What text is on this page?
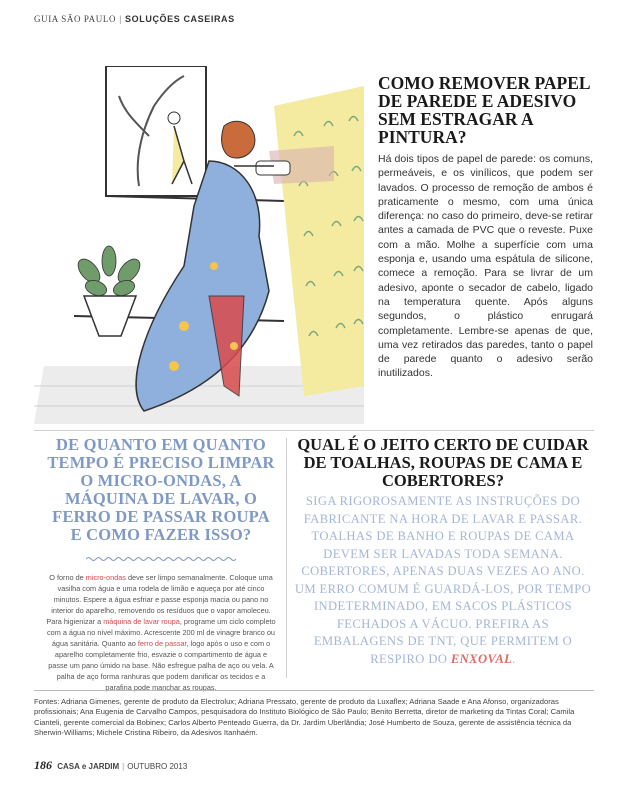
GUIA SÃO PAULO | SOLUÇÕES CASEIRAS
COMO REMOVER PAPEL DE PAREDE E ADESIVO SEM ESTRAGAR A PINTURA?

Há dois tipos de papel de parede: os comuns, permeáveis, e os vinílicos, que podem ser lavados. O processo de remoção de ambos é praticamente o mesmo, com uma única diferença: no caso do primeiro, deve-se retirar antes a camada de PVC que o reveste. Puxe com a mão. Molhe a superfície com uma esponja e, usando uma espátula de silicone, comece a remoção. Para se livrar de um adesivo, aponte o secador de cabelo, ligado na temperatura quente. Após alguns segundos, o plástico enrugará completamente. Lembre-se apenas de que, uma vez retirados das paredes, tanto o papel de parede quanto o adesivo serão inutilizados.

DE QUANTO EM QUANTO TEMPO É PRECISO LIMPAR O MICRO-ONDAS, A MÁQUINA DE LAVAR, O FERRO DE PASSAR ROUPA E COMO FAZER ISSO?

O forno de micro-ondas deve ser limpo semanalmente. Coloque uma vasilha com água e uma rodela de limão e aqueça por até cinco minutos. Espere a água esfriar e passe esponja macia ou pano no interior do aparelho, removendo os resíduos que o vapor amoleceu. Para higienizar a máquina de lavar roupa, programe um ciclo completo com a água no nível máximo. Acrescente 200 ml de vinagre branco ou água sanitária. Quanto ao ferro de passar, logo após o uso e com o aparelho completamente frio, esvazie o compartimento de água e passe um pano úmido na base. Não esfregue palha de aço ou vela. A palha de aço forma ranhuras que podem danificar os tecidos e a parafina pode manchar as roupas.

QUAL É O JEITO CERTO DE CUIDAR DE TOALHAS, ROUPAS DE CAMA E COBERTORES?

SIGA RIGOROSAMENTE AS INSTRUÇÕES DO FABRICANTE NA HORA DE LAVAR E PASSAR. TOALHAS DE BANHO E ROUPAS DE CAMA DEVEM SER LAVADAS TODA SEMANA. COBERTORES, APENAS DUAS VEZES AO ANO. UM ERRO COMUM É GUARDÁ-LOS, POR TEMPO INDETERMINADO, EM SACOS PLÁSTICOS FECHADOS A VÁCUO. PREFIRA AS EMBALAGENS DE TNT, QUE PERMITEM O RESPIRO DO ENXOVAL.

Fontes: Adriana Gimenes, gerente de produto da Electrolux; Adriana Pressato, gerente de produto da Luxaflex; Adriana Saade e Ana Afonso, organizadoras profissionais; Ana Eugenia de Carvalho Campos, pesquisadora do Instituto Biológico de São Paulo; Benito Berretta, diretor de marketing da Tintas Coral; Camila Cianteli, gerente comercial da Bobinex; Carlos Alberto Penteado Guerra, da Dr. Jardim Uberlândia; José Humberto de Souza, gerente de assistência técnica da Sherwin-Williams; Michele Cristina Ribeiro, da Adesivos Itanhaém.
186 CASA e JARDIM | OUTUBRO 2013
